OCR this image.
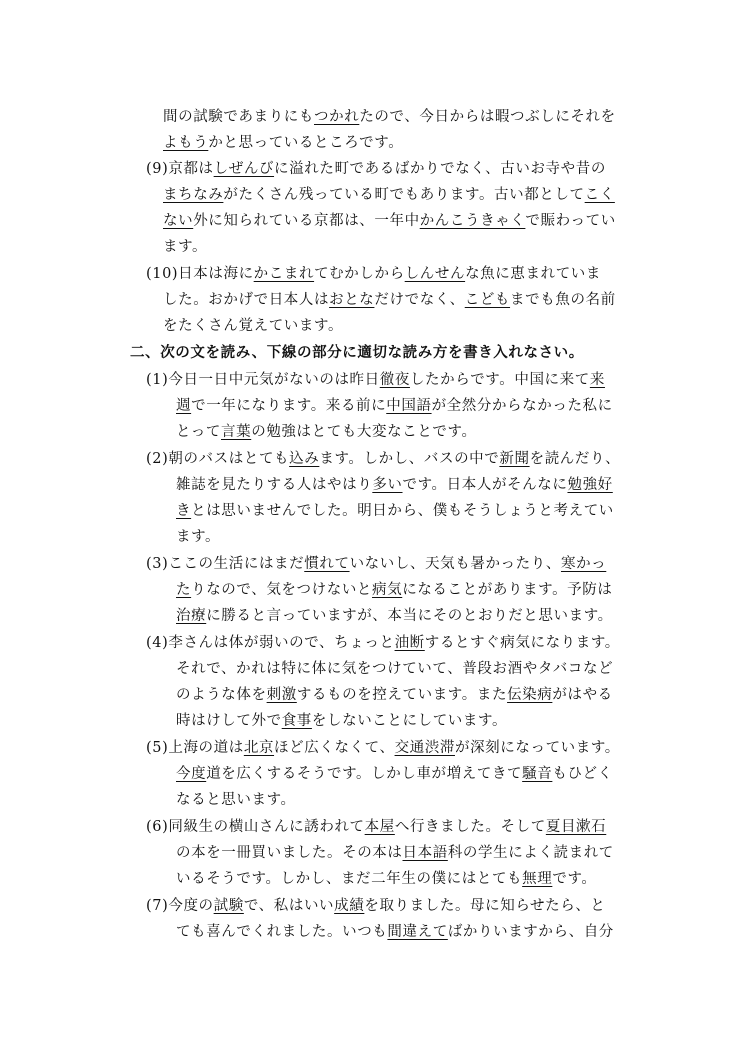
間の試験であまりにもつかれたので、今日からは暇つぶしにそれを
よもうかと思っているところです。
(9)京都はしぜんびに溢れた町であるばかりでなく、古いお寺や昔の
まちなみがたくさん残っている町でもあります。古い都としてこく
ない外に知られている京都は、一年中かんこうきゃくで賑わってい
ます。
(10)日本は海にかこまれてむかしからしんせんな魚に恵まれていま
した。おかげで日本人はおとなだけでなく、こどもまでも魚の名前
をたくさん覚えています。
二、次の文を読み、下線の部分に適切な読み方を書き入れなさい。
(1)今日一日中元気がないのは昨日徹夜したからです。中国に来て来
週で一年になります。来る前に中国語が全然分からなかった私に
とって言葉の勉強はとても大変なことです。
(2)朝のバスはとても込みます。しかし、バスの中で新聞を読んだり、
雑誌を見たりする人はやはり多いです。日本人がそんなに勉強好
きとは思いませんでした。明日から、僕もそうしょうと考えてい
ます。
(3)ここの生活にはまだ慣れていないし、天気も暑かったり、寒かっ
たりなので、気をつけないと病気になることがあります。予防は
治療に勝ると言っていますが、本当にそのとおりだと思います。
(4)李さんは体が弱いので、ちょっと油断するとすぐ病気になります。
それで、かれは特に体に気をつけていて、普段お酒やタバコなど
のような体を刺激するものを控えています。また伝染病がはやる
時はけして外で食事をしないことにしています。
(5)上海の道は北京ほど広くなくて、交通渋滞が深刻になっています。
今度道を広くするそうです。しかし車が増えてきて騒音もひどく
なると思います。
(6)同級生の横山さんに誘われて本屋へ行きました。そして夏目漱石
の本を一冊買いました。その本は日本語科の学生によく読まれて
いるそうです。しかし、まだ二年生の僕にはとても無理です。
(7)今度の試験で、私はいい成績を取りました。母に知らせたら、と
ても喜んでくれました。いつも間違えてばかりいますから、自分
